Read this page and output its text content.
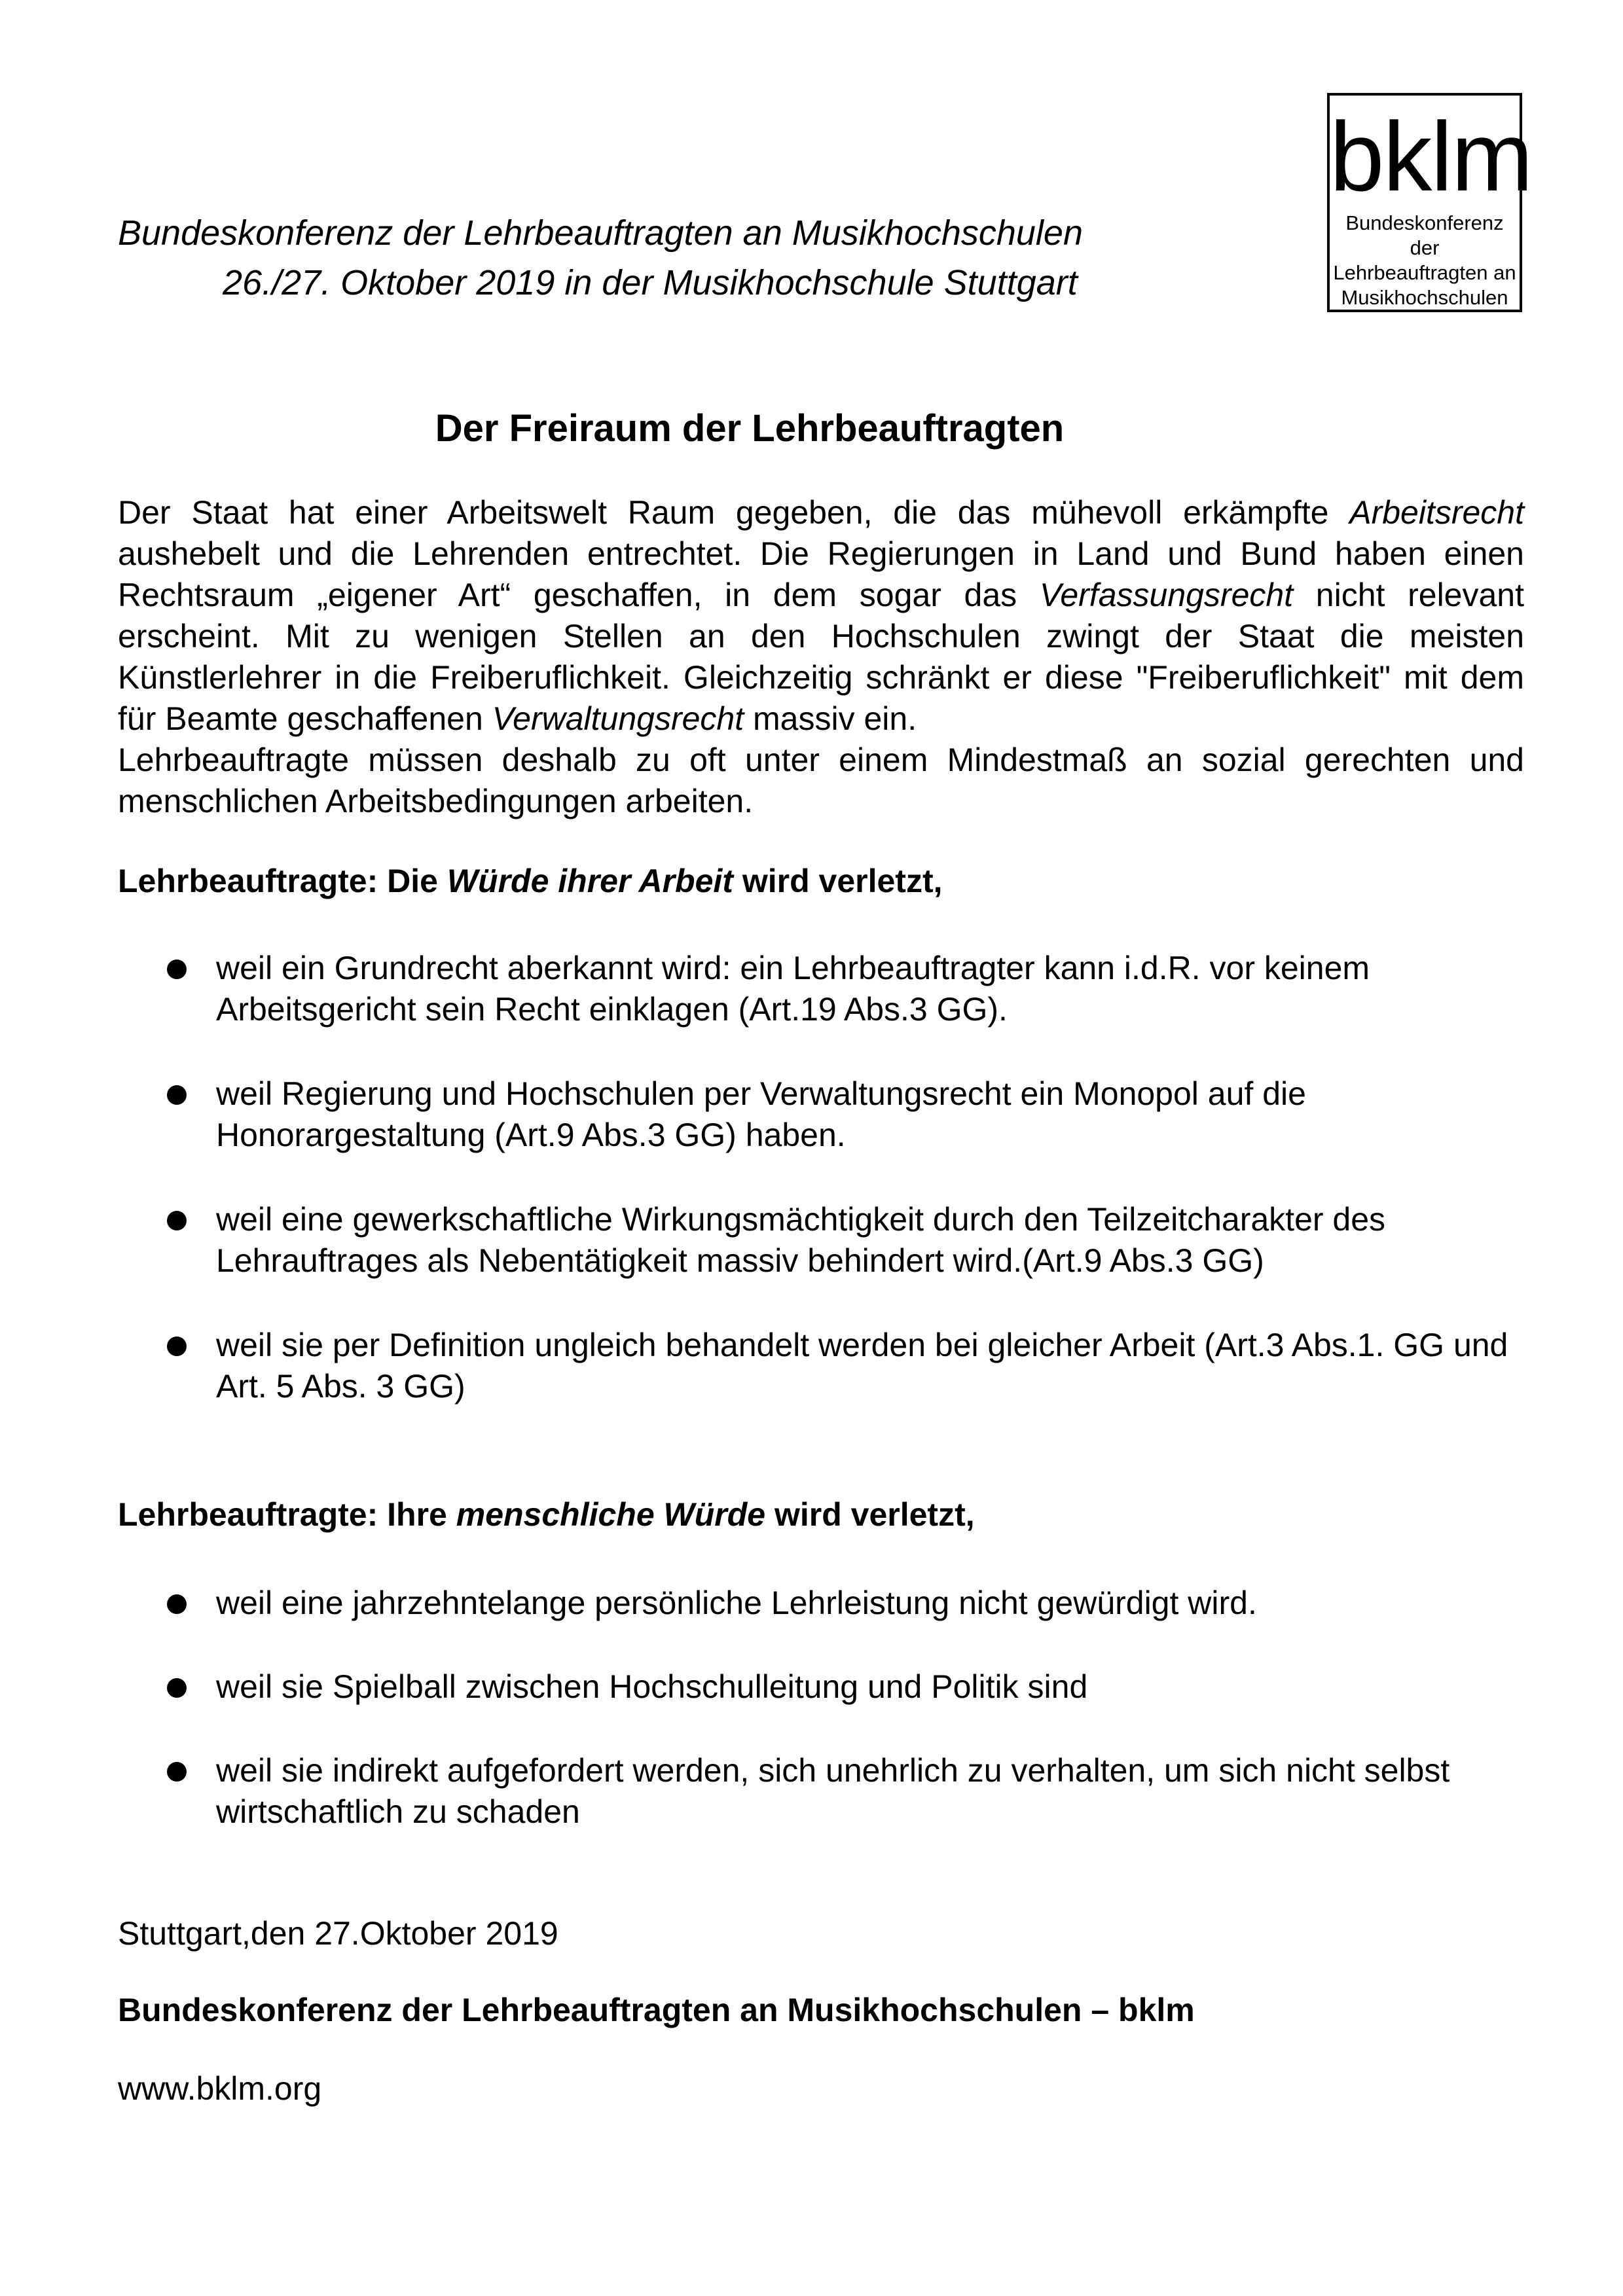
Bundeskonferenz der Lehrbeauftragten an Musikhochschulen
26./27. Oktober 2019 in der Musikhochschule Stuttgart
bklm
Bundeskonferenz der
Lehrbeauftragten an
Musikhochschulen
Der Freiraum der Lehrbeauftragten

Der Staat hat einer Arbeitswelt Raum gegeben, die das mühevoll erkämpfte Arbeitsrecht aushebelt und die Lehrenden entrechtet. Die Regierungen in Land und Bund haben einen Rechtsraum „eigener Art“ geschaffen, in dem sogar das Verfassungsrecht nicht relevant erscheint. Mit zu wenigen Stellen an den Hochschulen zwingt der Staat die meisten Künstlerlehrer in die Freiberuflichkeit. Gleichzeitig schränkt er diese "Freiberuflichkeit" mit dem für Beamte geschaffenen Verwaltungsrecht massiv ein.
Lehrbeauftragte müssen deshalb zu oft unter einem Mindestmaß an sozial gerechten und menschlichen Arbeitsbedingungen arbeiten.

Lehrbeauftragte: Die Würde ihrer Arbeit wird verletzt,

weil ein Grundrecht aberkannt wird: ein Lehrbeauftragter kann i.d.R. vor keinem Arbeitsgericht sein Recht einklagen (Art.19 Abs.3 GG).
weil Regierung und Hochschulen per Verwaltungsrecht ein Monopol auf die Honorargestaltung (Art.9 Abs.3 GG) haben.
weil eine gewerkschaftliche Wirkungsmächtigkeit durch den Teilzeitcharakter des Lehrauftrages als Nebentätigkeit massiv behindert wird.(Art.9 Abs.3 GG)
weil sie per Definition ungleich behandelt werden bei gleicher Arbeit (Art.3 Abs.1. GG und Art. 5 Abs. 3 GG)

Lehrbeauftragte: Ihre menschliche Würde wird verletzt,

weil eine jahrzehntelange persönliche Lehrleistung nicht gewürdigt wird.
weil sie Spielball zwischen Hochschulleitung und Politik sind
weil sie indirekt aufgefordert werden, sich unehrlich zu verhalten, um sich nicht selbst wirtschaftlich zu schaden
Stuttgart,den 27.Oktober 2019
Bundeskonferenz der Lehrbeauftragten an Musikhochschulen – bklm
www.bklm.org
